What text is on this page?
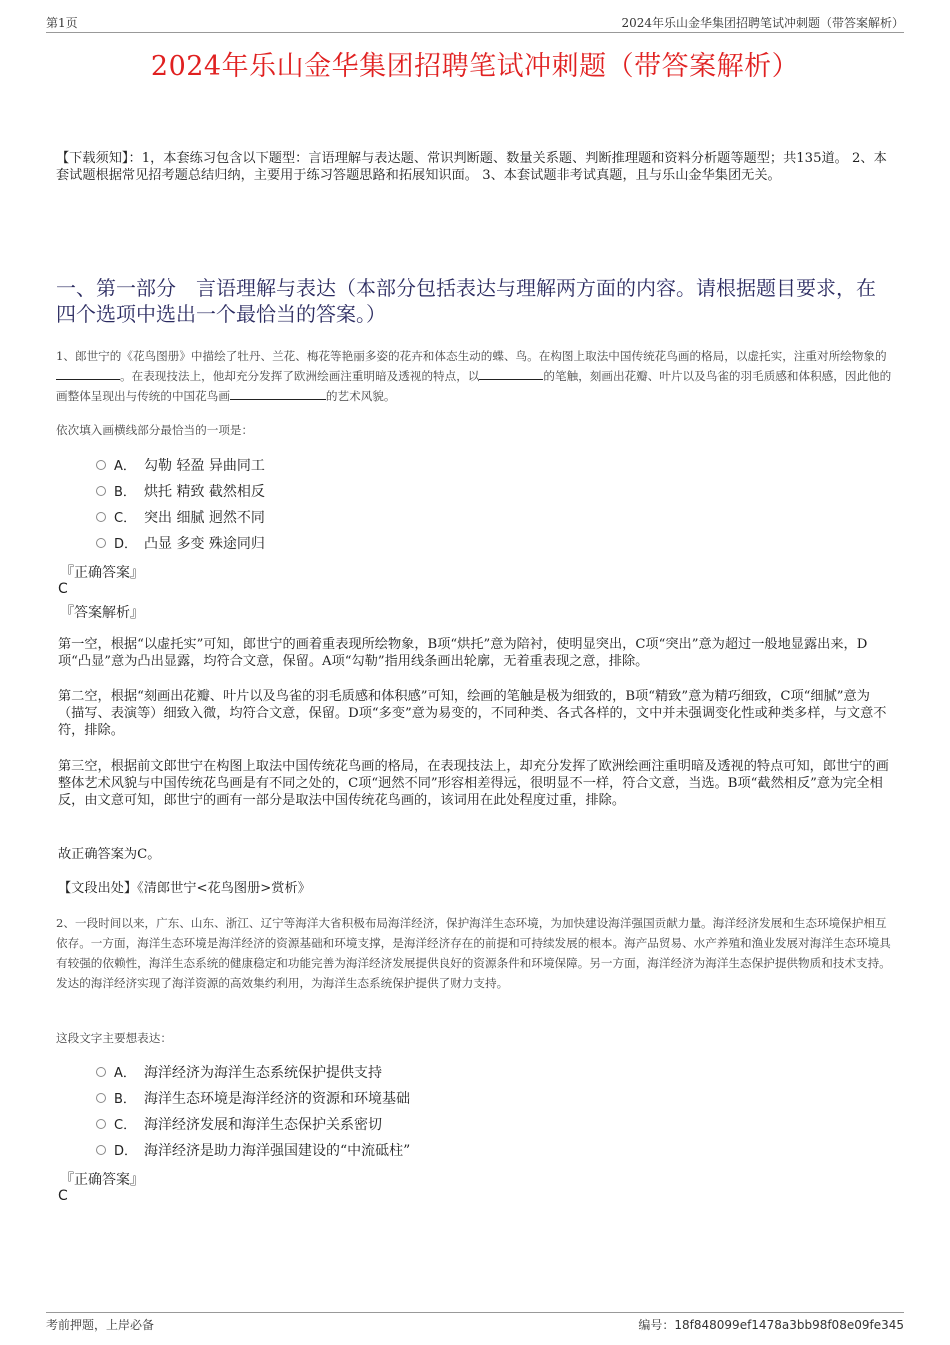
第1页	2024年乐山金华集团招聘笔试冲刺题（带答案解析）
2024年乐山金华集团招聘笔试冲刺题（带答案解析）
【下载须知】：1，本套练习包含以下题型：言语理解与表达题、常识判断题、数量关系题、判断推理题和资料分析题等题型；共135道。 2、本套试题根据常见招考题总结归纳，主要用于练习答题思路和拓展知识面。 3、本套试题非考试真题，且与乐山金华集团无关。
一、第一部分　言语理解与表达（本部分包括表达与理解两方面的内容。请根据题目要求，在四个选项中选出一个最恰当的答案。）
1、郎世宁的《花鸟图册》中描绘了牡丹、兰花、梅花等艳丽多姿的花卉和体态生动的蝶、鸟。在构图上取法中国传统花鸟画的格局，以虚托实，注重对所绘物象的。在表现技法上，他却充分发挥了欧洲绘画注重明暗及透视的特点，以	的笔触，刻画出花瓣、叶片以及鸟雀的羽毛质感和体积感，因此他的画整体呈现出与传统的中国花鸟画	的艺术风貌。
依次填入画横线部分最恰当的一项是：
A． 勾勒 轻盈 异曲同工
B． 烘托 精致 截然相反
C． 突出 细腻 迥然不同
D． 凸显 多变 殊途同归
『正确答案』
C
『答案解析』
第一空，根据“以虚托实”可知，郎世宁的画着重表现所绘物象，B项“烘托”意为陪衬，使明显突出，C项“突出”意为超过一般地显露出来，D项“凸显”意为凸出显露，均符合文意，保留。A项“勾勒”指用线条画出轮廓，无着重表现之意，排除。
第二空，根据“刻画出花瓣、叶片以及鸟雀的羽毛质感和体积感”可知，绘画的笔触是极为细致的，B项“精致”意为精巧细致，C项“细腻”意为（描写、表演等）细致入微，均符合文意，保留。D项“多变”意为易变的，不同种类、各式各样的，文中并未强调变化性或种类多样，与文意不符，排除。
第三空，根据前文郎世宁在构图上取法中国传统花鸟画的格局，在表现技法上，却充分发挥了欧洲绘画注重明暗及透视的特点可知，郎世宁的画整体艺术风貌与中国传统花鸟画是有不同之处的，C项“迥然不同”形容相差得远，很明显不一样，符合文意，当选。B项“截然相反”意为完全相反，由文意可知，郎世宁的画有一部分是取法中国传统花鸟画的，该词用在此处程度过重，排除。
故正确答案为C。
【文段出处】《清郎世宁<花鸟图册>赏析》
2、一段时间以来，广东、山东、浙江、辽宁等海洋大省积极布局海洋经济，保护海洋生态环境，为加快建设海洋强国贡献力量。海洋经济发展和生态环境保护相互依存。一方面，海洋生态环境是海洋经济的资源基础和环境支撑，是海洋经济存在的前提和可持续发展的根本。海产品贸易、水产养殖和渔业发展对海洋生态环境具有较强的依赖性，海洋生态系统的健康稳定和功能完善为海洋经济发展提供良好的资源条件和环境保障。另一方面，海洋经济为海洋生态保护提供物质和技术支持。发达的海洋经济实现了海洋资源的高效集约利用，为海洋生态系统保护提供了财力支持。
这段文字主要想表达：
A． 海洋经济为海洋生态系统保护提供支持
B． 海洋生态环境是海洋经济的资源和环境基础
C． 海洋经济发展和海洋生态保护关系密切
D． 海洋经济是助力海洋强国建设的“中流砥柱”
『正确答案』
C
考前押题，上岸必备	编号：18f848099ef1478a3bb98f08e09fe345
